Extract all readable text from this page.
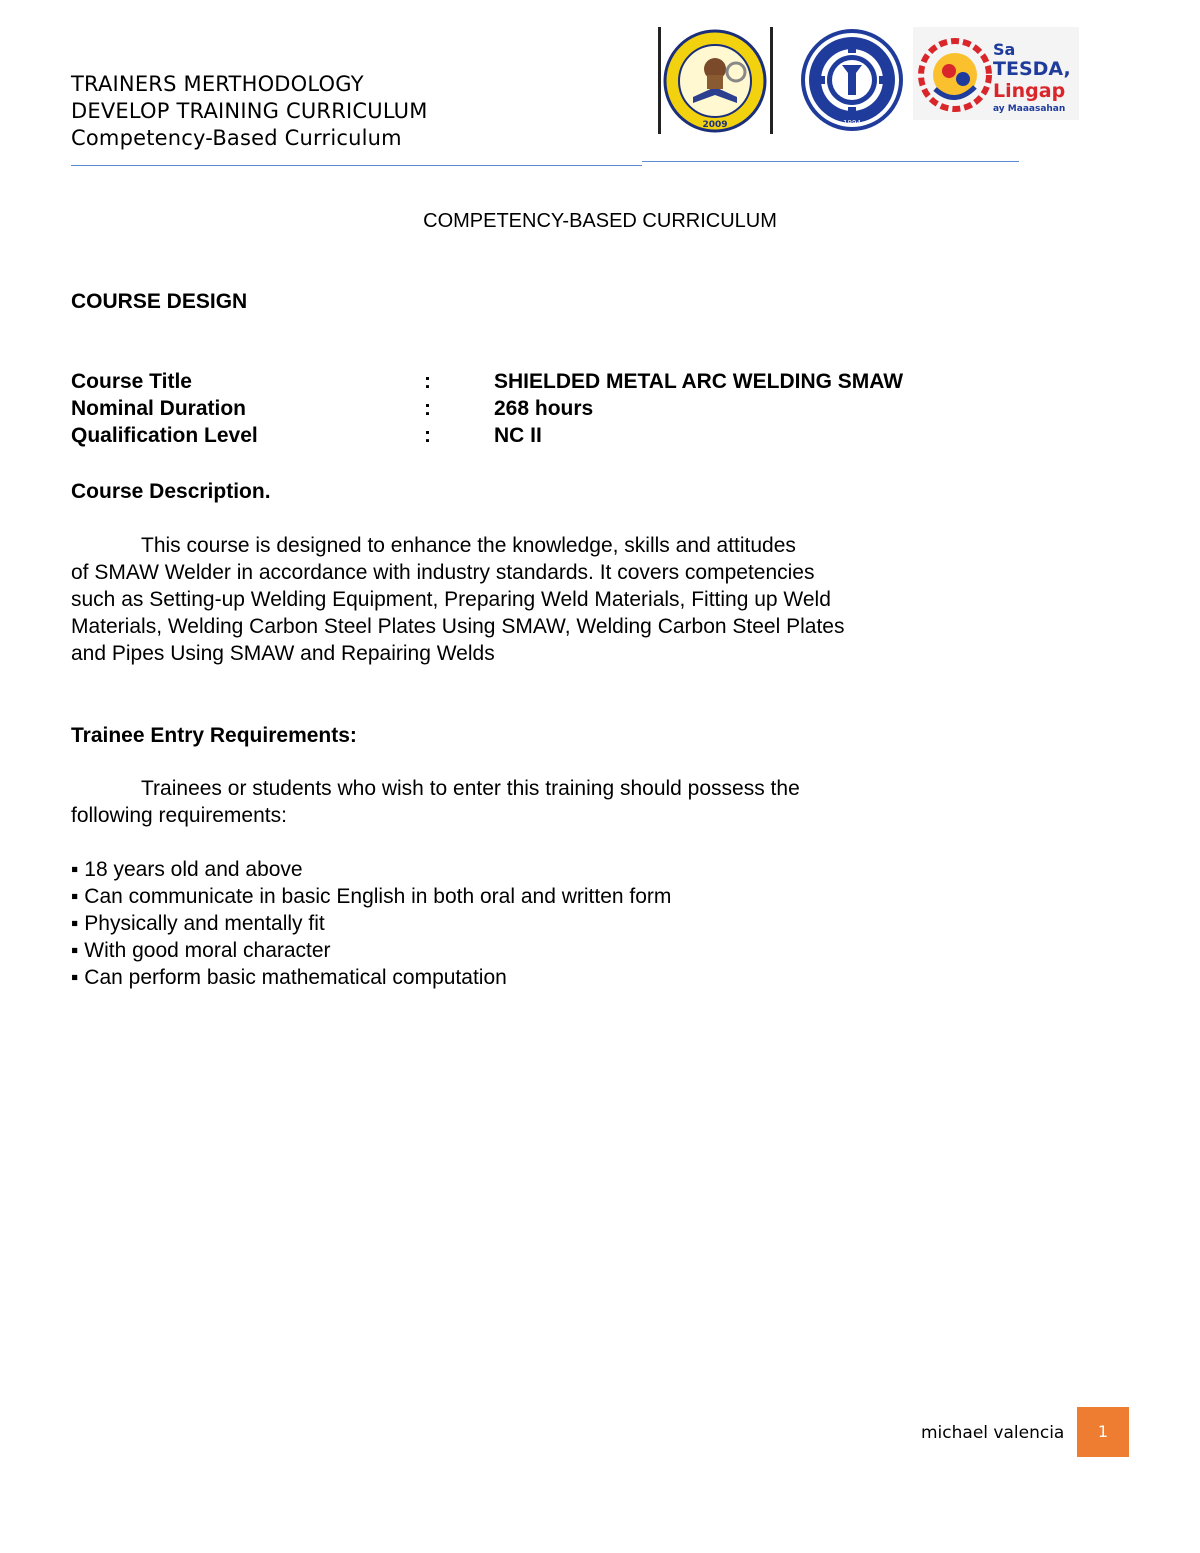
TRAINERS MERTHODOLOGY
DEVELOP TRAINING CURRICULUM
Competency-Based Curriculum
2009	1994
Sa
TESDA,
Lingap
ay Maaasahan
COMPETENCY-BASED CURRICULUM
COURSE DESIGN
Course Title	:	SHIELDED METAL ARC WELDING SMAW
Nominal Duration	:	268 hours
Qualification Level	:	NC II
Course Description.
This course is designed to enhance the knowledge, skills and attitudes
of SMAW Welder in accordance with industry standards. It covers competencies
such as Setting-up Welding Equipment, Preparing Weld Materials, Fitting up Weld
Materials, Welding Carbon Steel Plates Using SMAW, Welding Carbon Steel Plates
and Pipes Using SMAW and Repairing Welds
Trainee Entry Requirements:
Trainees or students who wish to enter this training should possess the
following requirements:
▪ 18 years old and above
▪ Can communicate in basic English in both oral and written form
▪ Physically and mentally fit
▪ With good moral character
▪ Can perform basic mathematical computation
michael valencia	1
